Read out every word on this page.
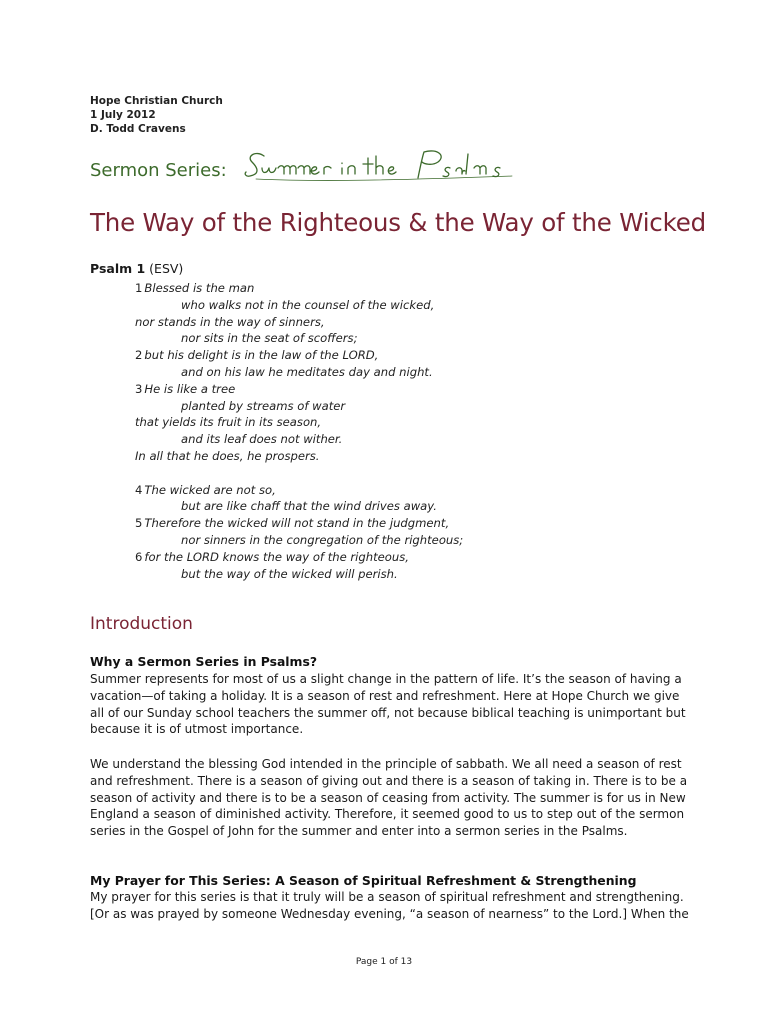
Hope Christian Church
1 July 2012
D. Todd Cravens
Sermon Series:
The Way of the Righteous & the Way of the Wicked
Psalm 1 (ESV)
1 Blessed is the man
who walks not in the counsel of the wicked,
nor stands in the way of sinners,
nor sits in the seat of scoffers;
2 but his delight is in the law of the LORD,
and on his law he meditates day and night.
3 He is like a tree
planted by streams of water
that yields its fruit in its season,
and its leaf does not wither.
In all that he does, he prospers.
4 The wicked are not so,
but are like chaff that the wind drives away.
5 Therefore the wicked will not stand in the judgment,
nor sinners in the congregation of the righteous;
6 for the LORD knows the way of the righteous,
but the way of the wicked will perish.
Introduction
Why a Sermon Series in Psalms?
Summer represents for most of us a slight change in the pattern of life. It’s the season of having a
vacation—of taking a holiday. It is a season of rest and refreshment. Here at Hope Church we give
all of our Sunday school teachers the summer off, not because biblical teaching is unimportant but
because it is of utmost importance.
We understand the blessing God intended in the principle of sabbath. We all need a season of rest
and refreshment. There is a season of giving out and there is a season of taking in. There is to be a
season of activity and there is to be a season of ceasing from activity. The summer is for us in New
England a season of diminished activity. Therefore, it seemed good to us to step out of the sermon
series in the Gospel of John for the summer and enter into a sermon series in the Psalms.
My Prayer for This Series: A Season of Spiritual Refreshment & Strengthening
My prayer for this series is that it truly will be a season of spiritual refreshment and strengthening.
[Or as was prayed by someone Wednesday evening, “a season of nearness” to the Lord.] When the
Page 1 of 13
